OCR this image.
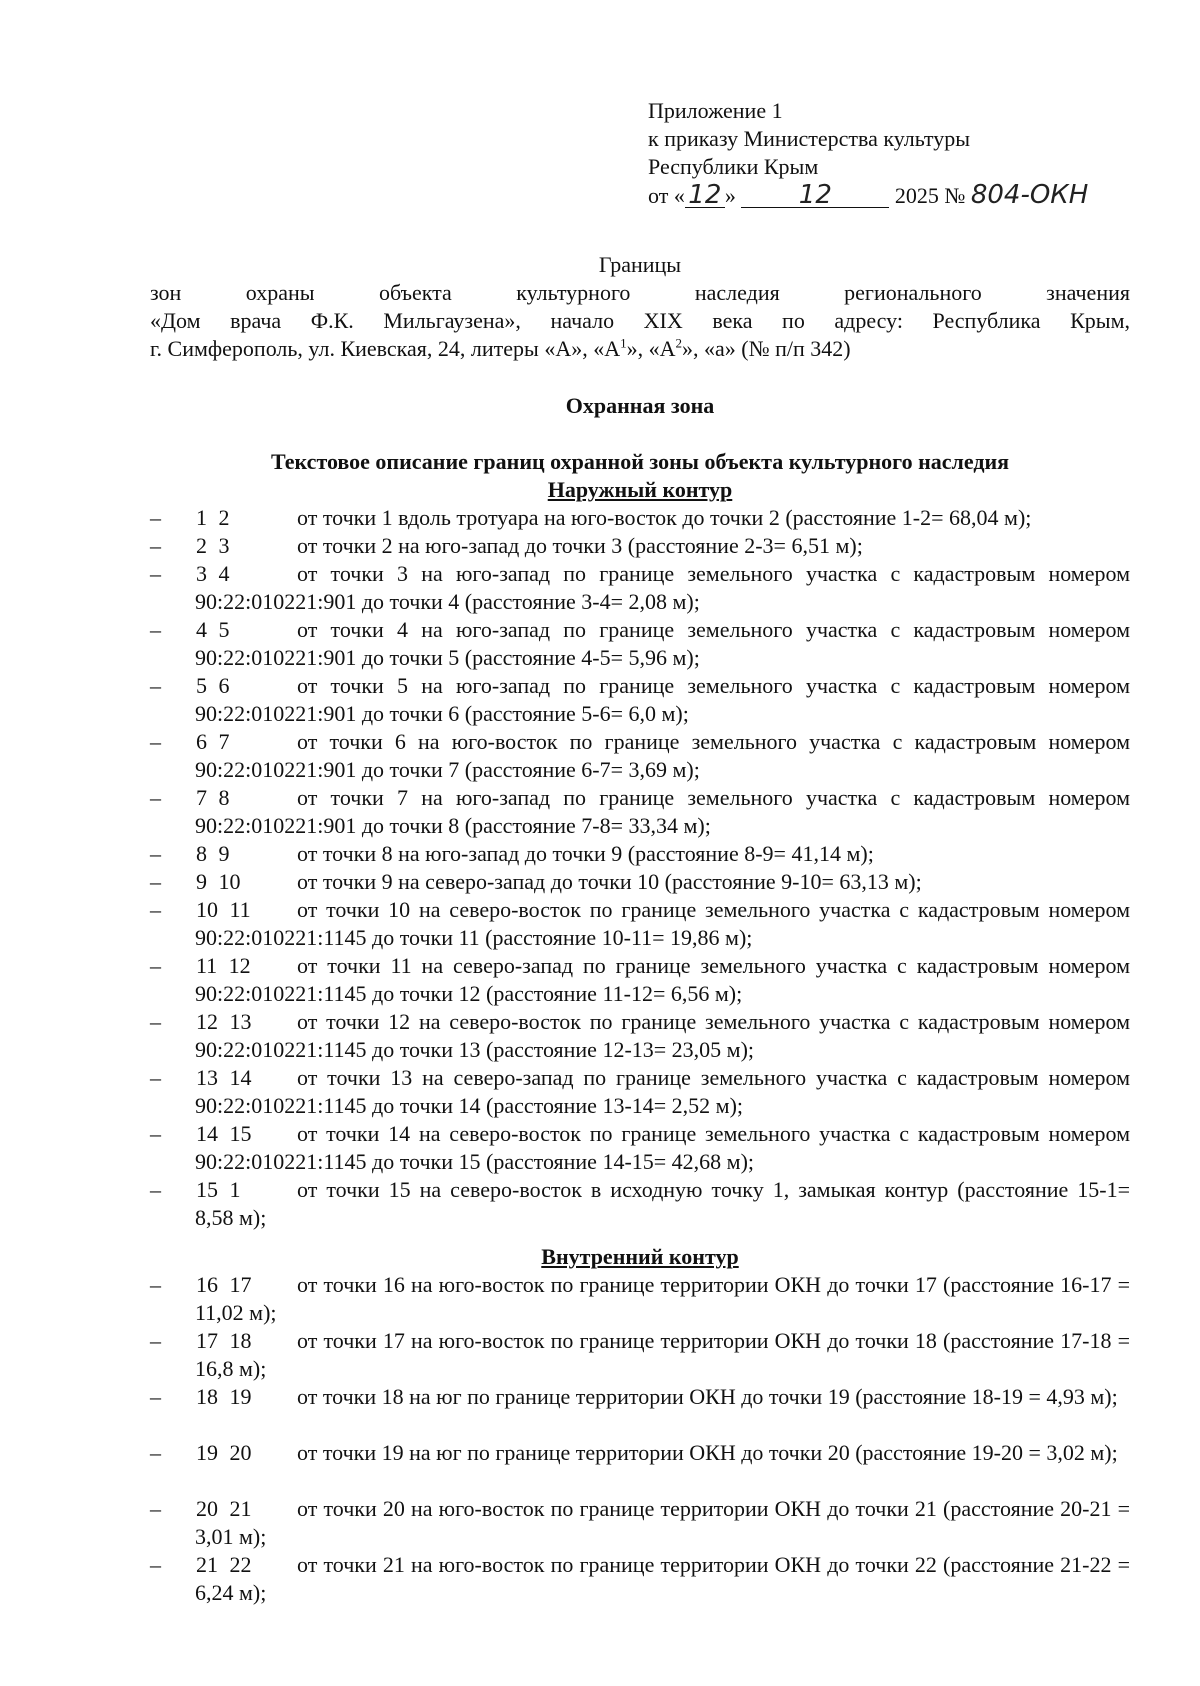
Приложение 1
к приказу Министерства культуры
Республики Крым
от « 12 » 12	2025 № 804-ОКН
Границы
зон охраны объекта культурного наследия регионального значения
«Дом врача Ф.К. Мильгаузена», начало XIX века по адресу: Республика Крым,
г. Симферополь, ул. Киевская, 24, литеры «А», «$А^1$», «$А^2$», «а» (№ п/п 342)
Охранная зона
Текстовое описание границ охранной зоны объекта культурного наследия
Наружный контур
– 1 2	от точки 1 вдоль тротуара на юго-восток до точки 2 (расстояние 1-2= 68,04 м);
– 2 3	от точки 2 на юго-запад до точки 3 (расстояние 2-3= 6,51 м);
– 3 4	от точки 3 на юго-запад по границе земельного участка с кадастровым номером 90:22:010221:901 до точки 4 (расстояние 3-4= 2,08 м);
– 4 5	от точки 4 на юго-запад по границе земельного участка с кадастровым номером 90:22:010221:901 до точки 5 (расстояние 4-5= 5,96 м);
– 5 6	от точки 5 на юго-запад по границе земельного участка с кадастровым номером 90:22:010221:901 до точки 6 (расстояние 5-6= 6,0 м);
– 6 7	от точки 6 на юго-восток по границе земельного участка с кадастровым номером 90:22:010221:901 до точки 7 (расстояние 6-7= 3,69 м);
– 7 8	от точки 7 на юго-запад по границе земельного участка с кадастровым номером 90:22:010221:901 до точки 8 (расстояние 7-8= 33,34 м);
– 8 9	от точки 8 на юго-запад до точки 9 (расстояние 8-9= 41,14 м);
– 9 10	от точки 9 на северо-запад до точки 10 (расстояние 9-10= 63,13 м);
– 10 11	от точки 10 на северо-восток по границе земельного участка с кадастровым номером 90:22:010221:1145 до точки 11 (расстояние 10-11= 19,86 м);
– 11 12	от точки 11 на северо-запад по границе земельного участка с кадастровым номером 90:22:010221:1145 до точки 12 (расстояние 11-12= 6,56 м);
– 12 13	от точки 12 на северо-восток по границе земельного участка с кадастровым номером 90:22:010221:1145 до точки 13 (расстояние 12-13= 23,05 м);
– 13 14	от точки 13 на северо-запад по границе земельного участка с кадастровым номером 90:22:010221:1145 до точки 14 (расстояние 13-14= 2,52 м);
– 14 15	от точки 14 на северо-восток по границе земельного участка с кадастровым номером 90:22:010221:1145 до точки 15 (расстояние 14-15= 42,68 м);
– 15 1	от точки 15 на северо-восток в исходную точку 1, замыкая контур (расстояние 15-1= 8,58 м);
Внутренний контур
– 16 17	от точки 16 на юго-восток по границе территории ОКН до точки 17 (расстояние 16-17 = 11,02 м);
– 17 18	от точки 17 на юго-восток по границе территории ОКН до точки 18 (расстояние 17-18 = 16,8 м);
– 18 19	от точки 18 на юг по границе территории ОКН до точки 19 (расстояние 18-19 = 4,93 м);
– 19 20	от точки 19 на юг по границе территории ОКН до точки 20 (расстояние 19-20 = 3,02 м);
– 20 21	от точки 20 на юго-восток по границе территории ОКН до точки 21 (расстояние 20-21 = 3,01 м);
– 21 22	от точки 21 на юго-восток по границе территории ОКН до точки 22 (расстояние 21-22 = 6,24 м);
